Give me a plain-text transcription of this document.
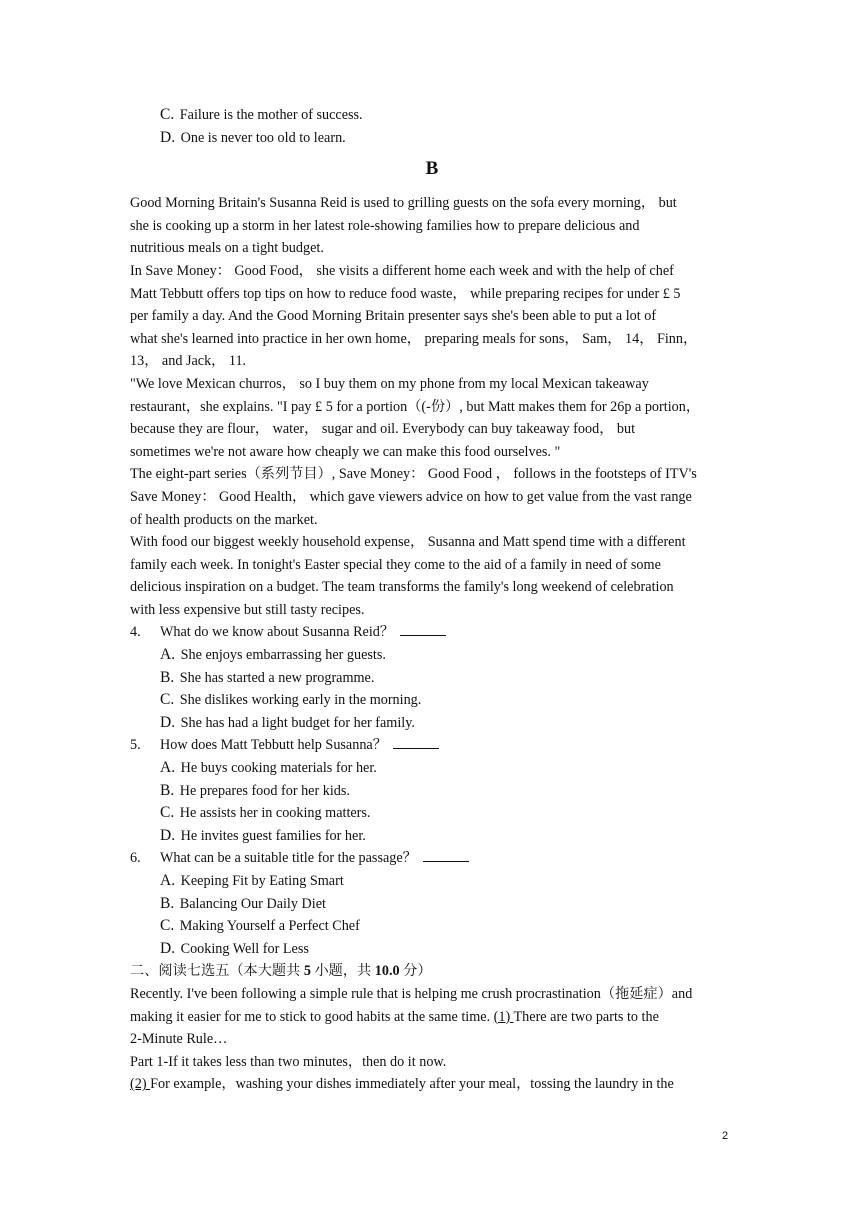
C. Failure is the mother of success.
D. One is never too old to learn.
B
Good Morning Britain's Susanna Reid is used to grilling guests on the sofa every morning， but
she is cooking up a storm in her latest role-showing families how to prepare delicious and
nutritious meals on a tight budget.
In Save Money： Good Food， she visits a different home each week and with the help of chef
Matt Tebbutt offers top tips on how to reduce food waste， while preparing recipes for under £ 5
per family a day. And the Good Morning Britain presenter says she's been able to put a lot of
what she's learned into practice in her own home， preparing meals for sons， Sam， 14， Finn，
13， and Jack， 11.
"We love Mexican churros， so I buy them on my phone from my local Mexican takeaway
restaurant，she explains. "I pay £ 5 for a portion（(-份）, but Matt makes them for 26p a portion，
because they are flour， water， sugar and oil. Everybody can buy takeaway food， but
sometimes we're not aware how cheaply we can make this food ourselves. "
The eight-part series（系列节目）, Save Money： Good Food ， follows in the footsteps of ITV's
Save Money： Good Health， which gave viewers advice on how to get value from the vast range
of health products on the market.
With food our biggest weekly household expense， Susanna and Matt spend time with a different
family each week. In tonight's Easter special they come to the aid of a family in need of some
delicious inspiration on a budget. The team transforms the family's long weekend of celebration
with less expensive but still tasty recipes.
4. What do we know about Susanna Reid？
A. She enjoys embarrassing her guests.
B. She has started a new programme.
C. She dislikes working early in the morning.
D. She has had a light budget for her family.
5. How does Matt Tebbutt help Susanna？
A. He buys cooking materials for her.
B. He prepares food for her kids.
C. He assists her in cooking matters.
D. He invites guest families for her.
6. What can be a suitable title for the passage？
A. Keeping Fit by Eating Smart
B. Balancing Our Daily Diet
C. Making Yourself a Perfect Chef
D. Cooking Well for Less
二、阅读七选五（本大题共 5 小题，共 10.0 分）
Recently. I've been following a simple rule that is helping me crush procrastination（拖延症）and
making it easier for me to stick to good habits at the same time. (1) There are two parts to the
2-Minute Rule…
Part 1-If it takes less than two minutes，then do it now.
(2) For example，washing your dishes immediately after your meal，tossing the laundry in the
2
